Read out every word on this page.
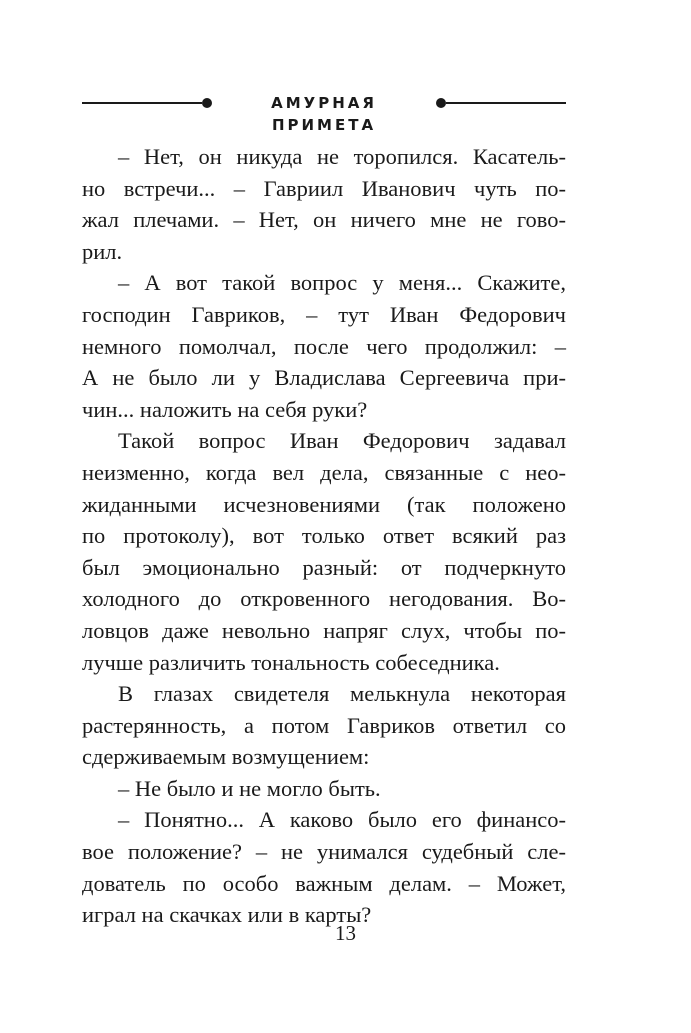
АМУРНАЯ ПРИМЕТА
– Нет, он никуда не торопился. Касатель-
но встречи... – Гавриил Иванович чуть по-
жал плечами. – Нет, он ничего мне не гово-
рил.
– А вот такой вопрос у меня... Скажите,
господин Гавриков, – тут Иван Федорович
немного помолчал, после чего продолжил: –
А не было ли у Владислава Сергеевича при-
чин... наложить на себя руки?
Такой вопрос Иван Федорович задавал
неизменно, когда вел дела, связанные с нео-
жиданными исчезновениями (так положено
по протоколу), вот только ответ всякий раз
был эмоционально разный: от подчеркнуто
холодного до откровенного негодования. Во-
ловцов даже невольно напряг слух, чтобы по-
лучше различить тональность собеседника.
В глазах свидетеля мелькнула некоторая
растерянность, а потом Гавриков ответил со
сдерживаемым возмущением:
– Не было и не могло быть.
– Понятно... А каково было его финансо-
вое положение? – не унимался судебный сле-
дователь по особо важным делам. – Может,
играл на скачках или в карты?
13
